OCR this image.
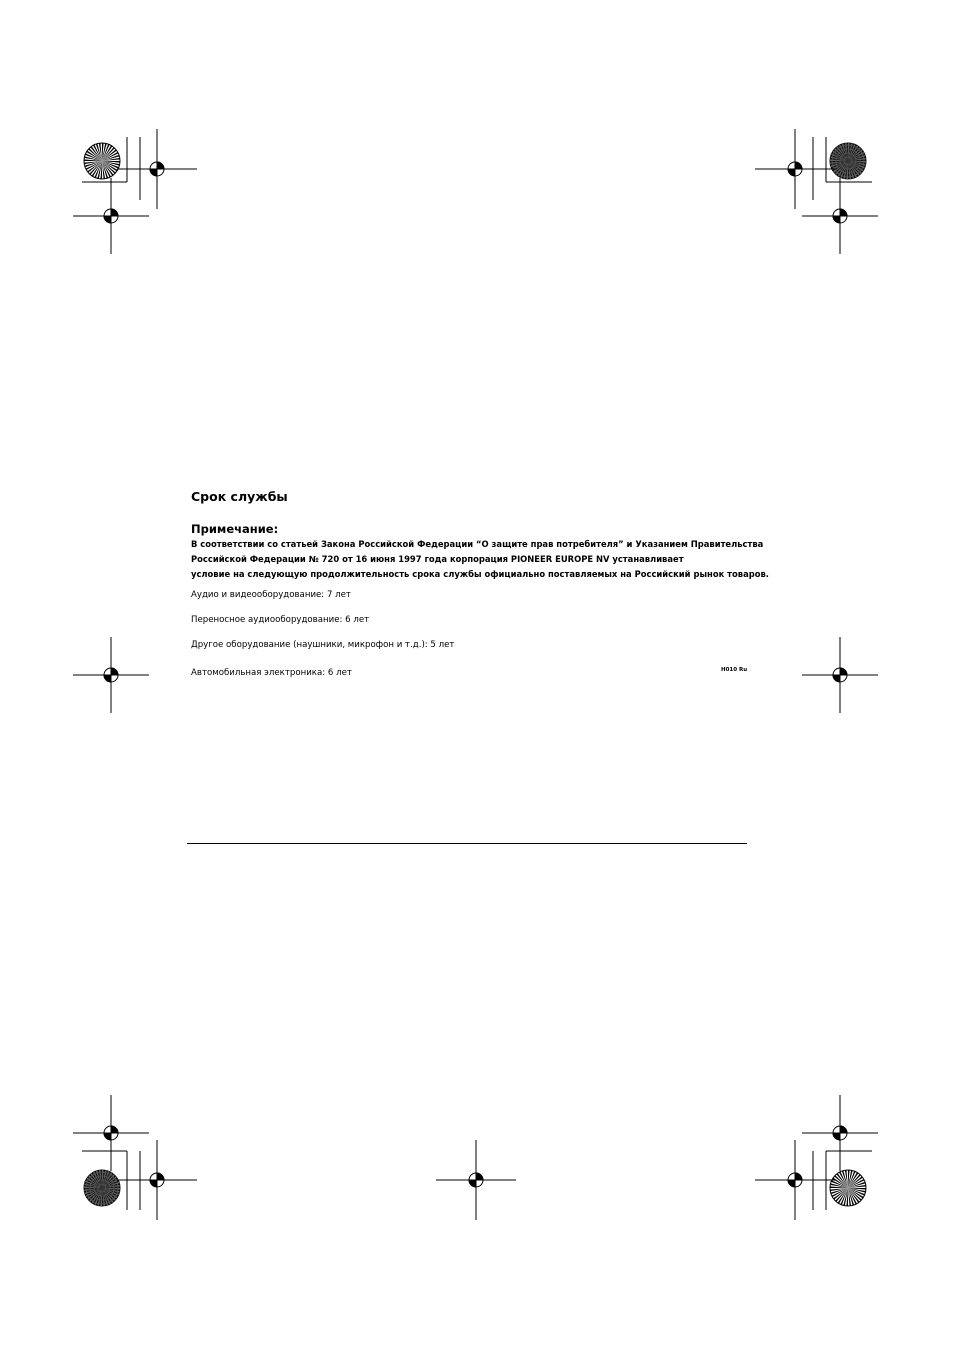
Срок службы
Примечание:
В соответствии со статьей Закона Российской Федерации “О защите прав потребителя” и Указанием Правительства
Российской Федерации № 720 от 16 июня 1997 года корпорация PIONEER EUROPE NV устанавливает
условие на следующую продолжительность срока службы официально поставляемых на Российский рынок товаров.
Аудио и видеооборудование: 7 лет
Переносное аудиооборудование: 6 лет
Другое оборудование (наушники, микрофон и т.д.): 5 лет
Автомобильная электроника: 6 лет	H010 Ru
